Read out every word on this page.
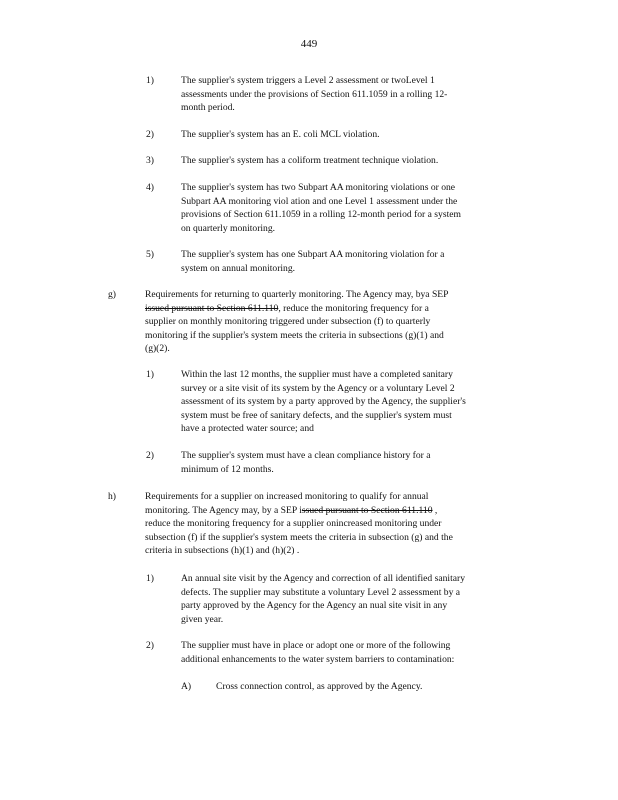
449
1)	The supplier's system triggers a Level 2 assessment or twoLevel 1
assessments under the provisions of Section 611.1059 in a rolling 12-
month period.
2)	The supplier's system has an E. coli MCL violation.
3)	The supplier's system has a coliform treatment technique violation.
4)	The supplier's system has two Subpart AA monitoring violations or one
Subpart AA monitoring viol ation and one Level 1 assessment under the
provisions of Section 611.1059 in a rolling 12-month period for a system
on quarterly monitoring.
5)	The supplier's system has one Subpart AA monitoring violation for a
system on annual monitoring.
g)	Requirements for returning to quarterly monitoring. The Agency may, bya SEP
issued pursuant to Section 611.110, reduce the monitoring frequency for a
supplier on monthly monitoring triggered under subsection (f) to quarterly
monitoring if the supplier's system meets the criteria in subsections (g)(1) and
(g)(2).
1)	Within the last 12 months, the supplier must have a completed sanitary
survey or a site visit of its system by the Agency or a voluntary Level 2
assessment of its system by a party approved by the Agency, the supplier's
system must be free of sanitary defects, and the supplier's system must
have a protected water source; and
2)	The supplier's system must have a clean compliance history for a
minimum of 12 months.
h)	Requirements for a supplier on increased monitoring to qualify for annual
monitoring. The Agency may, by a SEP issued pursuant to Section 611.110 ,
reduce the monitoring frequency for a supplier onincreased monitoring under
subsection (f) if the supplier's system meets the criteria in subsection (g) and the
criteria in subsections (h)(1) and (h)(2) .
1)	An annual site visit by the Agency and correction of all identified sanitary
defects. The supplier may substitute a voluntary Level 2 assessment by a
party approved by the Agency for the Agency an nual site visit in any
given year.
2)	The supplier must have in place or adopt one or more of the following
additional enhancements to the water system barriers to contamination:
A)	Cross connection control, as approved by the Agency.
